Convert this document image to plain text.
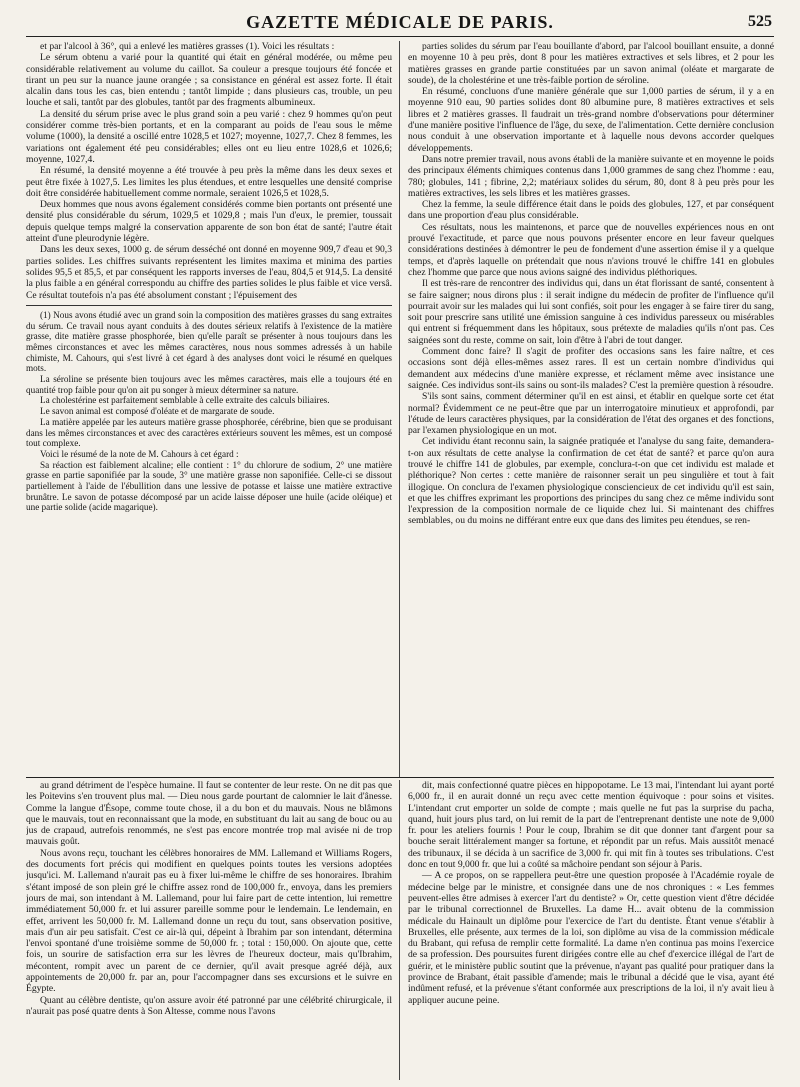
GAZETTE MÉDICALE DE PARIS.	525

et par l'alcool à 36°, qui a enlevé les matières grasses (1). Voici les résultats :

Le sérum obtenu a varié pour la quantité qui était en général modérée, ou même peu considérable relativement au volume du caillot. Sa couleur a presque toujours été foncée et tirant un peu sur la nuance jaune orangée ; sa consistance en général est assez forte. Il était alcalin dans tous les cas, bien entendu ; tantôt limpide ; dans plusieurs cas, trouble, un peu louche et sali, tantôt par des globules, tantôt par des fragments albumineux.

La densité du sérum prise avec le plus grand soin a peu varié : chez 9 hommes qu'on peut considérer comme très-bien portants, et en la comparant au poids de l'eau sous le même volume (1000), la densité a oscillé entre 1028,5 et 1027; moyenne, 1027,7. Chez 8 femmes, les variations ont également été peu considérables; elles ont eu lieu entre 1028,6 et 1026,6; moyenne, 1027,4.

En résumé, la densité moyenne a été trouvée à peu près la même dans les deux sexes et peut être fixée à 1027,5. Les limites les plus étendues, et entre lesquelles une densité comprise doit être considérée habituellement comme normale, seraient 1026,5 et 1028,5.

Deux hommes que nous avons également considérés comme bien portants ont présenté une densité plus considérable du sérum, 1029,5 et 1029,8 ; mais l'un d'eux, le premier, toussait depuis quelque temps malgré la conservation apparente de son bon état de santé; l'autre était atteint d'une pleurodynie légère.

Dans les deux sexes, 1000 g. de sérum desséché ont donné en moyenne 909,7 d'eau et 90,3 parties solides. Les chiffres suivants représentent les limites maxima et minima des parties solides 95,5 et 85,5, et par conséquent les rapports inverses de l'eau, 804,5 et 914,5. La densité la plus faible a en général correspondu au chiffre des parties solides le plus faible et vice versâ. Ce résultat toutefois n'a pas été absolument constant ; l'épuisement des

(1) Nous avons étudié avec un grand soin la composition des matières grasses du sang extraites du sérum. Ce travail nous ayant conduits à des doutes sérieux relatifs à l'existence de la matière grasse, dite matière grasse phosphorée, bien qu'elle paraît se présenter à nous toujours dans les mêmes circonstances et avec les mêmes caractères, nous nous sommes adressés à un habile chimiste, M. Cahours, qui s'est livré à cet égard à des analyses dont voici le résumé en quelques mots.

La séroline se présente bien toujours avec les mêmes caractères, mais elle a toujours été en quantité trop faible pour qu'on ait pu songer à mieux déterminer sa nature.

La cholestérine est parfaitement semblable à celle extraite des calculs biliaires.

Le savon animal est composé d'oléate et de margarate de soude.

La matière appelée par les auteurs matière grasse phosphorée, cérébrine, bien que se produisant dans les mêmes circonstances et avec des caractères extérieurs souvent les mêmes, est un composé tout complexe.

Voici le résumé de la note de M. Cahours à cet égard :

Sa réaction est faiblement alcaline; elle contient : 1° du chlorure de sodium, 2° une matière grasse en partie saponifiée par la soude, 3° une matière grasse non saponifiée. Celle-ci se dissout partiellement à l'aide de l'ébullition dans une lessive de potasse et laisse une matière extractive brunâtre. Le savon de potasse décomposé par un acide laisse déposer une huile (acide oléique) et une partie solide (acide magarique).

parties solides du sérum par l'eau bouillante d'abord, par l'alcool bouillant ensuite, a donné en moyenne 10 à peu près, dont 8 pour les matières extractives et sels libres, et 2 pour les matières grasses en grande partie constituées par un savon animal (oléate et margarate de soude), de la cholestérine et une très-faible portion de séroline.

En résumé, concluons d'une manière générale que sur 1,000 parties de sérum, il y a en moyenne 910 eau, 90 parties solides dont 80 albumine pure, 8 matières extractives et sels libres et 2 matières grasses. Il faudrait un très-grand nombre d'observations pour déterminer d'une manière positive l'influence de l'âge, du sexe, de l'alimentation. Cette dernière conclusion nous conduit à une observation importante et à laquelle nous devons accorder quelques développements.

Dans notre premier travail, nous avons établi de la manière suivante et en moyenne le poids des principaux éléments chimiques contenus dans 1,000 grammes de sang chez l'homme : eau, 780; globules, 141 ; fibrine, 2,2; matériaux solides du sérum, 80, dont 8 à peu près pour les matières extractives, les sels libres et les matières grasses.

Chez la femme, la seule différence était dans le poids des globules, 127, et par conséquent dans une proportion d'eau plus considérable.

Ces résultats, nous les maintenons, et parce que de nouvelles expériences nous en ont prouvé l'exactitude, et parce que nous pouvons présenter encore en leur faveur quelques considérations destinées à démontrer le peu de fondement d'une assertion émise il y a quelque temps, et d'après laquelle on prétendait que nous n'avions trouvé le chiffre 141 en globules chez l'homme que parce que nous avions saigné des individus pléthoriques.

Il est très-rare de rencontrer des individus qui, dans un état florissant de santé, consentent à se faire saigner; nous dirons plus : il serait indigne du médecin de profiter de l'influence qu'il pourrait avoir sur les malades qui lui sont confiés, soit pour les engager à se faire tirer du sang, soit pour prescrire sans utilité une émission sanguine à ces individus paresseux ou misérables qui entrent si fréquemment dans les hôpitaux, sous prétexte de maladies qu'ils n'ont pas. Ces saignées sont du reste, comme on sait, loin d'être à l'abri de tout danger.

Comment donc faire? Il s'agit de profiter des occasions sans les faire naître, et ces occasions sont déjà elles-mêmes assez rares. Il est un certain nombre d'individus qui demandent aux médecins d'une manière expresse, et réclament même avec insistance une saignée. Ces individus sont-ils sains ou sont-ils malades? C'est la première question à résoudre.

S'ils sont sains, comment déterminer qu'il en est ainsi, et établir en quelque sorte cet état normal? Évidemment ce ne peut-être que par un interrogatoire minutieux et approfondi, par l'étude de leurs caractères physiques, par la considération de l'état des organes et des fonctions, par l'examen physiologique en un mot.

Cet individu étant reconnu sain, la saignée pratiquée et l'analyse du sang faite, demandera-t-on aux résultats de cette analyse la confirmation de cet état de santé? et parce qu'on aura trouvé le chiffre 141 de globules, par exemple, conclura-t-on que cet individu est malade et pléthorique? Non certes : cette manière de raisonner serait un peu singulière et tout à fait illogique. On conclura de l'examen physiologique consciencieux de cet individu qu'il est sain, et que les chiffres exprimant les proportions des principes du sang chez ce même individu sont l'expression de la composition normale de ce liquide chez lui. Si maintenant des chiffres semblables, ou du moins ne différant entre eux que dans des limites peu étendues, se ren-

au grand détriment de l'espèce humaine. Il faut se contenter de leur reste. On ne dit pas que les Poitevins s'en trouvent plus mal. — Dieu nous garde pourtant de calomnier le lait d'ânesse. Comme la langue d'Ésope, comme toute chose, il a du bon et du mauvais. Nous ne blâmons que le mauvais, tout en reconnaissant que la mode, en substituant du lait au sang de bouc ou au jus de crapaud, autrefois renommés, ne s'est pas encore montrée trop mal avisée ni de trop mauvais goût.

Nous avons reçu, touchant les célèbres honoraires de MM. Lallemand et Williams Rogers, des documents fort précis qui modifient en quelques points toutes les versions adoptées jusqu'ici. M. Lallemand n'aurait pas eu à fixer lui-même le chiffre de ses honoraires. Ibrahim s'étant imposé de son plein gré le chiffre assez rond de 100,000 fr., envoya, dans les premiers jours de mai, son intendant à M. Lallemand, pour lui faire part de cette intention, lui remettre immédiatement 50,000 fr. et lui assurer pareille somme pour le lendemain. Le lendemain, en effet, arrivent les 50,000 fr. M. Lallemand donne un reçu du tout, sans observation positive, mais d'un air peu satisfait. C'est ce air-là qui, dépeint à Ibrahim par son intendant, détermina l'envoi spontané d'une troisième somme de 50,000 fr. ; total : 150,000. On ajoute que, cette fois, un sourire de satisfaction erra sur les lèvres de l'heureux docteur, mais qu'Ibrahim, mécontent, rompit avec un parent de ce dernier, qu'il avait presque agréé déjà, aux appointements de 20,000 fr. par an, pour l'accompagner dans ses excursions et le suivre en Égypte.

Quant au célèbre dentiste, qu'on assure avoir été patronné par une célébrité chirurgicale, il n'aurait pas posé quatre dents à Son Altesse, comme nous l'avons

dit, mais confectionné quatre pièces en hippopotame. Le 13 mai, l'intendant lui ayant porté 6,000 fr., il en aurait donné un reçu avec cette mention équivoque : pour soins et visites. L'intendant crut emporter un solde de compte ; mais quelle ne fut pas la surprise du pacha, quand, huit jours plus tard, on lui remit de la part de l'entreprenant dentiste une note de 9,000 fr. pour les ateliers fournis ! Pour le coup, Ibrahim se dit que donner tant d'argent pour sa bouche serait littéralement manger sa fortune, et répondit par un refus. Mais aussitôt menacé des tribunaux, il se décida à un sacrifice de 3,000 fr. qui mit fin à toutes ses tribulations. C'est donc en tout 9,000 fr. que lui a coûté sa mâchoire pendant son séjour à Paris.

— A ce propos, on se rappellera peut-être une question proposée à l'Académie royale de médecine belge par le ministre, et consignée dans une de nos chroniques : « Les femmes peuvent-elles être admises à exercer l'art du dentiste? » Or, cette question vient d'être décidée par le tribunal correctionnel de Bruxelles. La dame H... avait obtenu de la commission médicale du Hainault un diplôme pour l'exercice de l'art du dentiste. Étant venue s'établir à Bruxelles, elle présente, aux termes de la loi, son diplôme au visa de la commission médicale du Brabant, qui refusa de remplir cette formalité. La dame n'en continua pas moins l'exercice de sa profession. Des poursuites furent dirigées contre elle au chef d'exercice illégal de l'art de guérir, et le ministère public soutint que la prévenue, n'ayant pas qualité pour pratiquer dans la province de Brabant, était passible d'amende; mais le tribunal a décidé que le visa, ayant été indûment refusé, et la prévenue s'étant conformée aux prescriptions de la loi, il n'y avait lieu à appliquer aucune peine.
